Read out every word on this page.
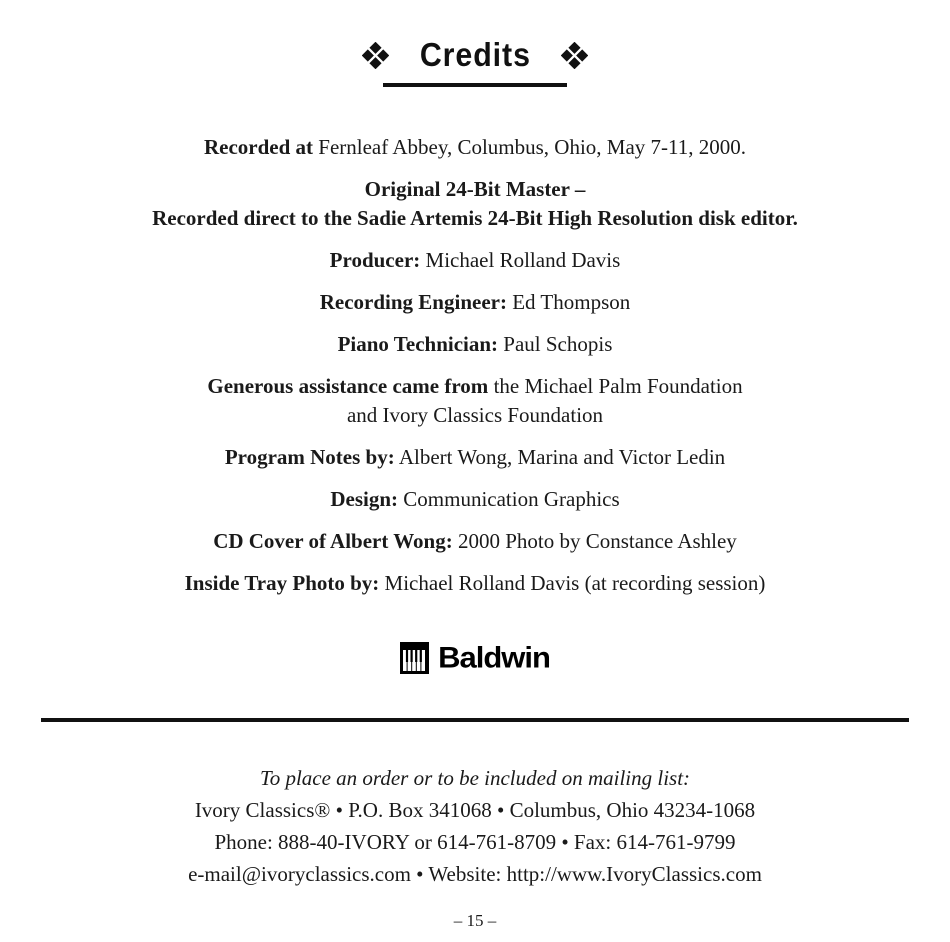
Credits
Recorded at Fernleaf Abbey, Columbus, Ohio, May 7-11, 2000.
Original 24-Bit Master –
Recorded direct to the Sadie Artemis 24-Bit High Resolution disk editor.
Producer: Michael Rolland Davis
Recording Engineer: Ed Thompson
Piano Technician: Paul Schopis
Generous assistance came from the Michael Palm Foundation
and Ivory Classics Foundation
Program Notes by: Albert Wong, Marina and Victor Ledin
Design: Communication Graphics
CD Cover of Albert Wong: 2000 Photo by Constance Ashley
Inside Tray Photo by: Michael Rolland Davis (at recording session)
Baldwin
To place an order or to be included on mailing list:
Ivory Classics® • P.O. Box 341068 • Columbus, Ohio 43234-1068
Phone: 888-40-IVORY or 614-761-8709 • Fax: 614-761-9799
e-mail@ivoryclassics.com • Website: http://www.IvoryClassics.com
– 15 –
